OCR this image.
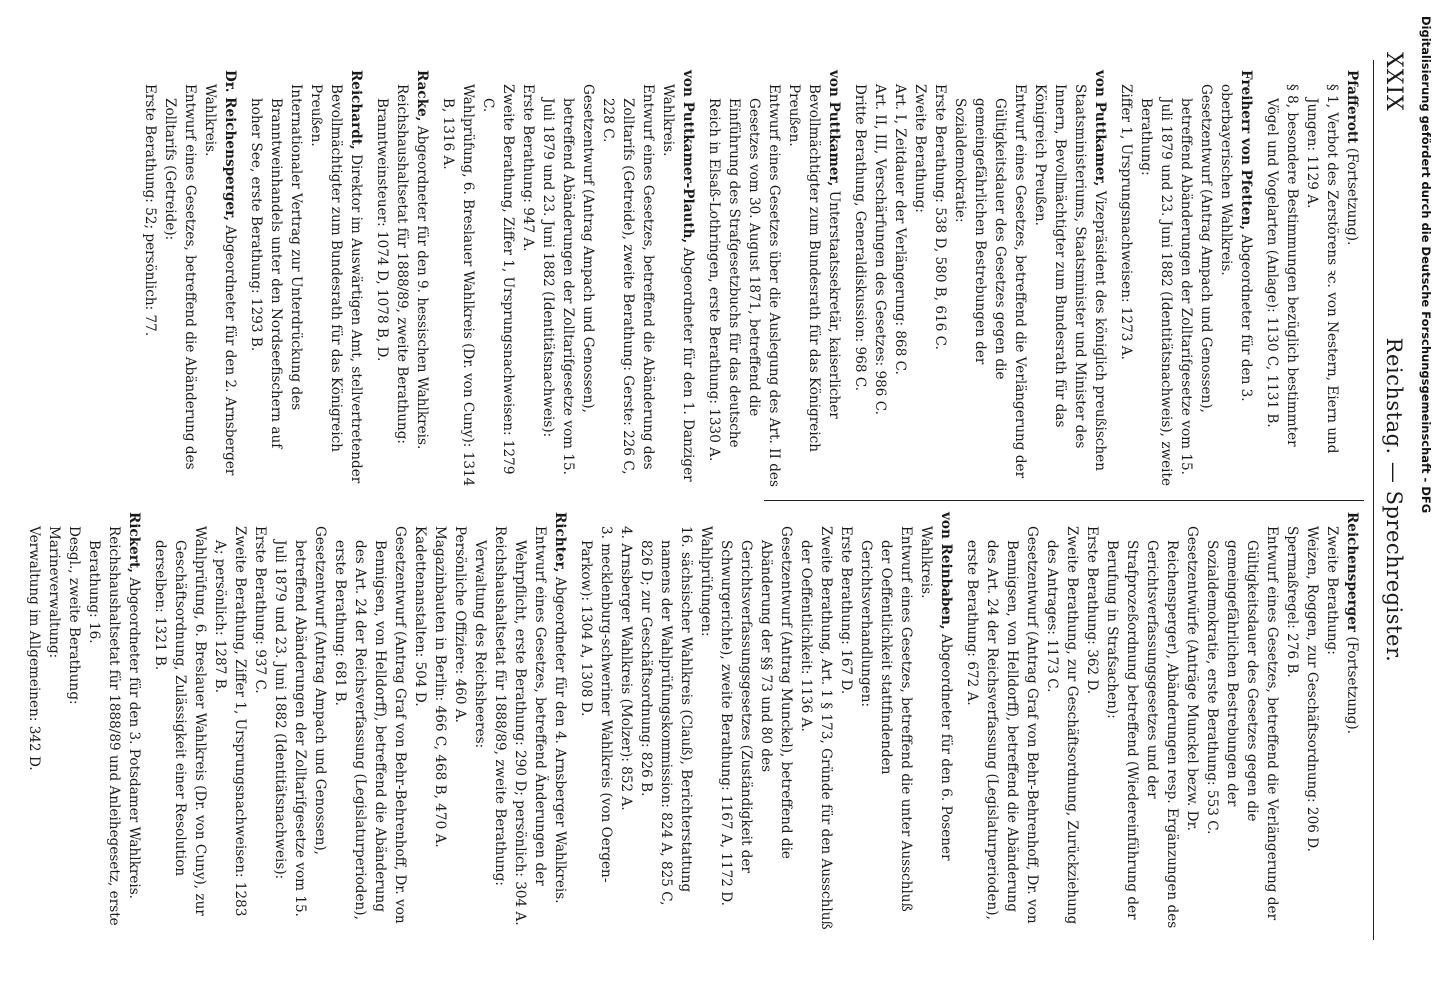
XXIX
Reichstag. — Sprechregister.
Pfafferott (Fortsetzung).
§ 1, Verbot des Zerstörens ꝛc. von Nestern, Eiern und Jungen: 1129 A.
§ 8, besondere Bestimmungen bezüglich bestimmter Vögel und Vogelarten (Anlage): 1130 C, 1131 B.
Freiherr von Pfetten, Abgeordneter für den 3. oberbayerischen Wahlkreis.
Gesetzentwurf (Antrag Ampach und Genossen), betreffend Abänderungen der Zolltarifgesetze vom 15. Juli 1879 und 23. Juni 1882 (Identitätsnachweis), zweite Berathung:
Ziffer 1, Ursprungsnachweisen: 1273 A.
von Puttkamer, Vizepräsident des königlich preußischen Staatsministeriums, Staatsminister und Minister des Innern, Bevollmächtigter zum Bundesrath für das Königreich Preußen.
Entwurf eines Gesetzes, betreffend die Verlängerung der Gültigkeitsdauer des Gesetzes gegen die gemeingefährlichen Bestrebungen der Sozialdemokratie:
Erste Berathung: 538 D, 580 B, 616 C.
Zweite Berathung:
Art. I, Zeitdauer der Verlängerung: 868 C.
Art. II, III, Verschärfungen des Gesetzes: 986 C.
Dritte Berathung, Generaldiskussion: 968 C.
von Puttkamer, Unterstaatssekretär, kaiserlicher Bevollmächtigter zum Bundesrath für das Königreich Preußen.
Entwurf eines Gesetzes über die Auslegung des Art. II des Gesetzes vom 30. August 1871, betreffend die Einführung des Strafgesetzbuchs für das deutsche Reich in Elsaß-Lothringen, erste Berathung: 1330 A.
von Puttkamer-Plauth, Abgeordneter für den 1. Danziger Wahlkreis.
Entwurf eines Gesetzes, betreffend die Abänderung des Zolltarifs (Getreide), zweite Berathung: Gerste: 226 C, 228 C.
Gesetzentwurf (Antrag Ampach und Genossen), betreffend Abänderungen der Zolltarifgesetze vom 15. Juli 1879 und 23. Juni 1882 (Identitätsnachweis):
Erste Berathung: 947 A.
Zweite Berathung, Ziffer 1, Ursprungsnachweisen: 1279 C.
Wahlprüfung, 6. Breslauer Wahlkreis (Dr. von Cuny): 1314 B, 1316 A.
Racke, Abgeordneter für den 9. hessischen Wahlkreis.
Reichshaushaltsetat für 1888/89, zweite Berathung: Branntweinsteuer: 1074 D, 1078 B, D.
Reichardt, Direktor im Auswärtigen Amt, stellvertretender Bevollmächtigter zum Bundesrath für das Königreich Preußen.
Internationaler Vertrag zur Unterdrückung des Branntweinhandels unter den Nordseefischern auf hoher See, erste Berathung: 1293 B.
Dr. Reichensperger, Abgeordneter für den 2. Arnsberger Wahlkreis.
Entwurf eines Gesetzes, betreffend die Abänderung des Zolltarifs (Getreide):
Erste Berathung: 52; persönlich: 77.
Reichensperger (Fortsetzung).
Zweite Berathung:
Weizen, Roggen, zur Geschäftsordnung: 206 D.
Spermaßregel: 276 B.
Entwurf eines Gesetzes, betreffend die Verlängerung der Gültigkeitsdauer des Gesetzes gegen die gemeingefährlichen Bestrebungen der Sozialdemokratie, erste Berathung: 553 C.
Gesetzentwürfe (Anträge Munckel bezw. Dr. Reichensperger), Abänderungen resp. Ergänzungen des Gerichtsverfassungsgesetzes und der Strafprozeßordnung betreffend (Wiedereinführung der Berufung in Strafsachen):
Erste Berathung: 362 D.
Zweite Berathung, zur Geschäftsordnung, Zurückziehung des Antrages: 1173 C.
Gesetzentwurf (Antrag Graf von Behr-Behrenhoff, Dr. von Bennigsen, von Helldorff), betreffend die Abänderung des Art. 24 der Reichsverfassung (Legislaturperioden), erste Berathung: 672 A.
von Reinbaben, Abgeordneter für den 6. Posener Wahlkreis.
Entwurf eines Gesetzes, betreffend die unter Ausschluß der Oeffentlichkeit stattfindenden Gerichtsverhandlungen:
Erste Berathung: 167 D.
Zweite Berathung, Art. 1 § 173, Gründe für den Ausschluß der Oeffentlichkeit: 1136 A.
Gesetzentwurf (Antrag Munckel), betreffend die Abänderung der §§ 73 und 80 des Gerichtsverfassungsgesetzes (Zuständigkeit der Schwurgerichte), zweite Berathung: 1167 A, 1172 D.
Wahlprüfungen:
16. sächsischer Wahlkreis (Clauß), Berichterstattung namens der Wahlprüfungskommission: 824 A, 825 C, 826 D; zur Geschäftsordnung: 826 B.
4. Arnsberger Wahlkreis (Molzer): 852 A.
3. mecklenburg-schweriner Wahlkreis (von Oergen-Parkow): 1304 A, 1308 D.
Richter, Abgeordneter für den 4. Arnsberger Wahlkreis.
Entwurf eines Gesetzes, betreffend Änderungen der Wehrpflicht, erste Berathung: 290 D; persönlich: 304 A.
Reichshaushaltsetat für 1888/89, zweite Berathung: Verwaltung des Reichsheeres:
Persönliche Offiziere: 460 A.
Magazinbauten in Berlin: 466 C, 468 B, 470 A.
Kadettenanstalten: 504 D.
Gesetzentwurf (Antrag Graf von Behr-Behrenhoff, Dr. von Bennigsen, von Helldorff), betreffend die Abänderung des Art. 24 der Reichsverfassung (Legislaturperioden), erste Berathung: 681 B.
Gesetzentwurf (Antrag Ampach und Genossen), betreffend Abänderungen der Zolltarifgesetze vom 15. Juli 1879 und 23. Juni 1882 (Identitätsnachweis):
Erste Berathung: 937 C.
Zweite Berathung, Ziffer 1, Ursprungsnachweisen: 1283 A; persönlich: 1287 B.
Wahlprüfung, 6. Breslauer Wahlkreis (Dr. von Cuny), zur Geschäftsordnung, Zulässigkeit einer Resolution derselben: 1321 B.
Rickert, Abgeordneter für den 3. Potsdamer Wahlkreis.
Reichshaushaltsetat für 1888/89 und Anleihegesetz, erste Berathung: 16.
Desgl., zweite Berathung:
Marineverwaltung:
Verwaltung im Allgemeinen: 342 D.
Digitalisierung gefördert durch die Deutsche Forschungsgemeinschaft - DFG
